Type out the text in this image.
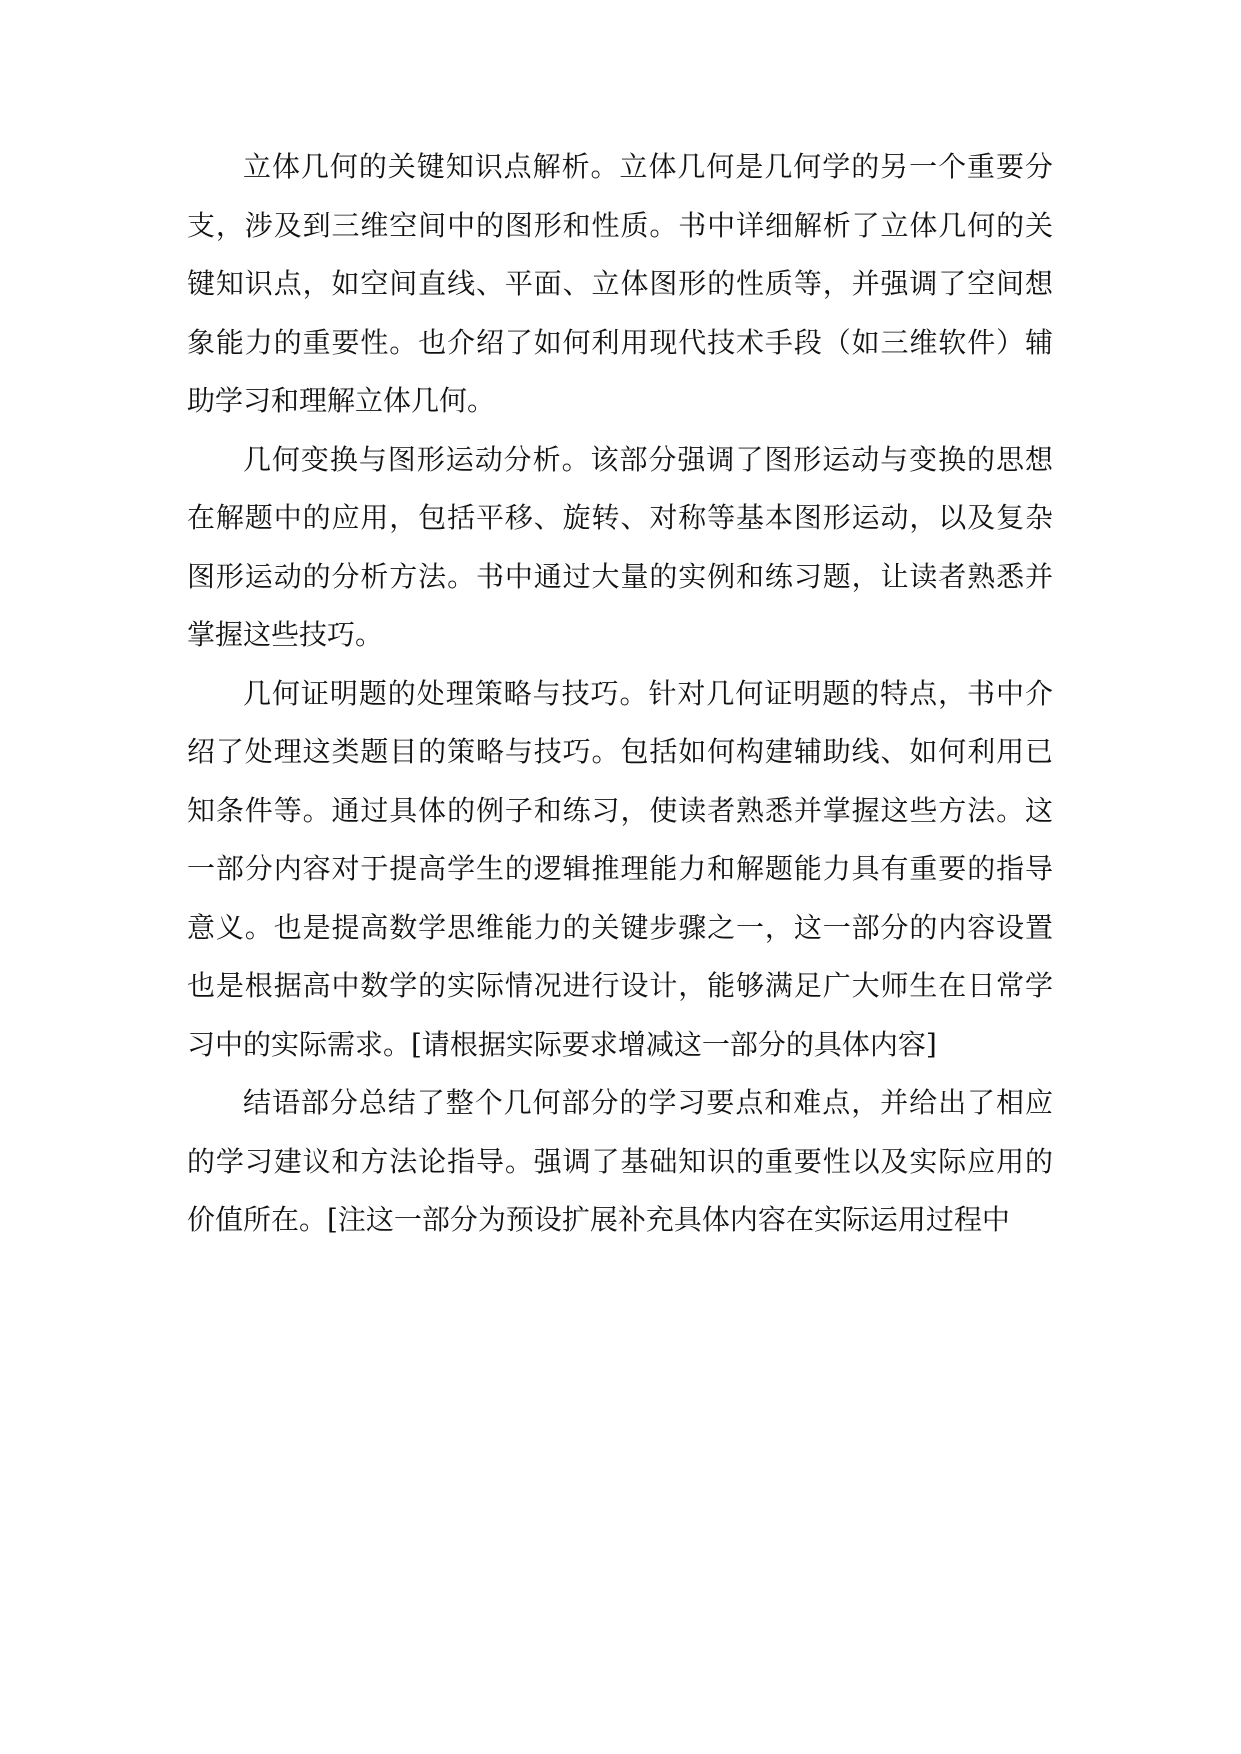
立体几何的关键知识点解析。立体几何是几何学的另一个重要分支，涉及到三维空间中的图形和性质。书中详细解析了立体几何的关键知识点，如空间直线、平面、立体图形的性质等，并强调了空间想象能力的重要性。也介绍了如何利用现代技术手段（如三维软件）辅助学习和理解立体几何。

几何变换与图形运动分析。该部分强调了图形运动与变换的思想在解题中的应用，包括平移、旋转、对称等基本图形运动，以及复杂图形运动的分析方法。书中通过大量的实例和练习题，让读者熟悉并掌握这些技巧。

几何证明题的处理策略与技巧。针对几何证明题的特点，书中介绍了处理这类题目的策略与技巧。包括如何构建辅助线、如何利用已知条件等。通过具体的例子和练习，使读者熟悉并掌握这些方法。这一部分内容对于提高学生的逻辑推理能力和解题能力具有重要的指导意义。也是提高数学思维能力的关键步骤之一，这一部分的内容设置也是根据高中数学的实际情况进行设计，能够满足广大师生在日常学习中的实际需求。[请根据实际要求增减这一部分的具体内容]

结语部分总结了整个几何部分的学习要点和难点，并给出了相应的学习建议和方法论指导。强调了基础知识的重要性以及实际应用的价值所在。[注这一部分为预设扩展补充具体内容在实际运用过程中
